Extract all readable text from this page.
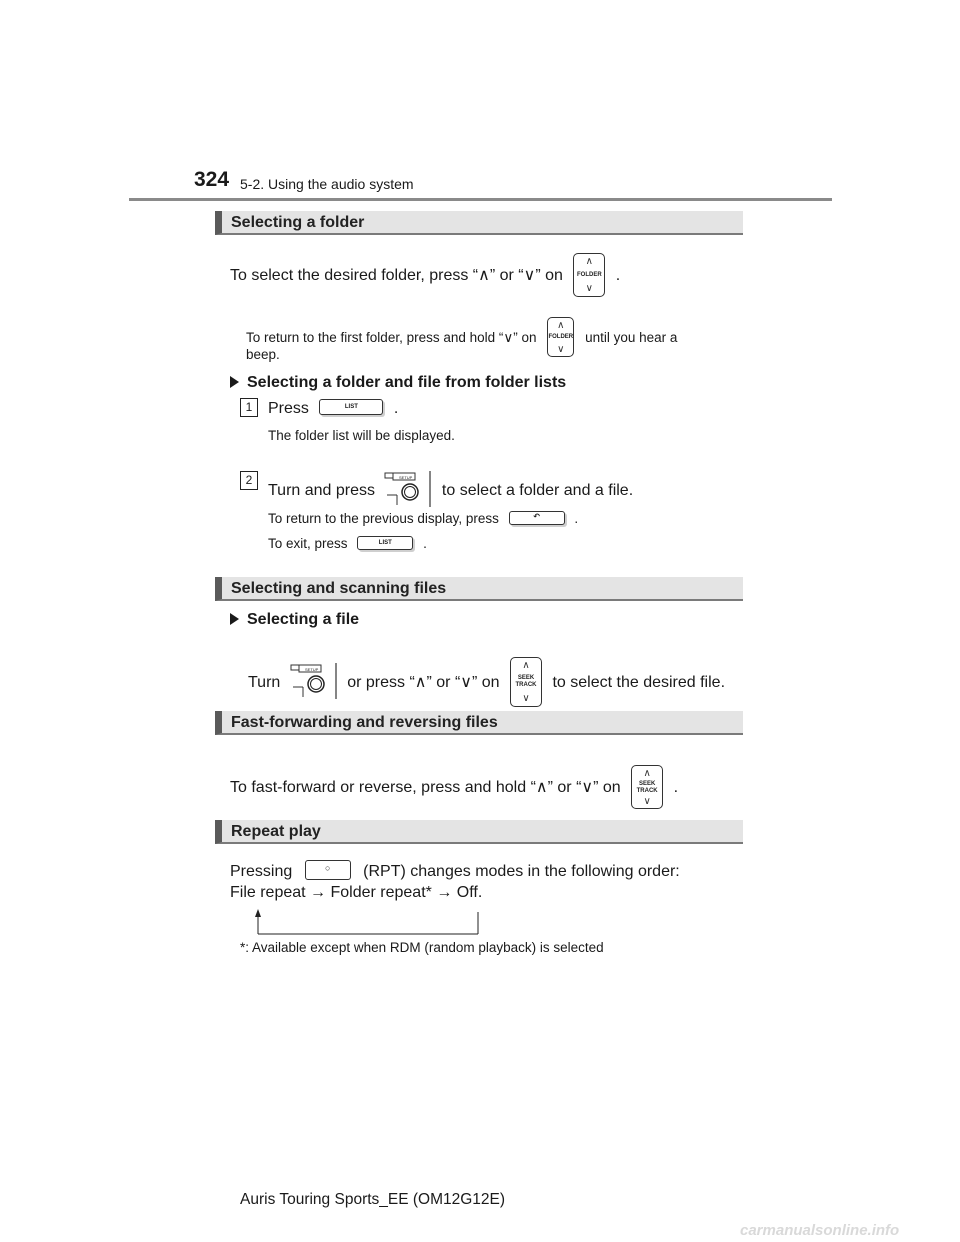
324 5-2. Using the audio system
Selecting a folder
To select the desired folder, press “∧” or “∨” on
∧
FOLDER
∨
.
To return to the first folder, press and hold “∨” on
∧
FOLDER
∨
until you hear a
beep.
Selecting a folder and file from folder lists
1 Press	LIST	.
The folder list will be displayed.
2
Turn and press
SETUP
to select a folder and a file.
To return to the previous display, press	↶	.
To exit, press	LIST	.
Selecting and scanning files
Selecting a file
Turn
SETUP
or press “∧” or “∨” on
∧
SEEK
TRACK
∨
to select the desired file.
Fast-forwarding and reversing files
To fast-forward or reverse, press and hold “∧” or “∨” on
∧
SEEK
TRACK
∨
.
Repeat play
Pressing	○	(RPT) changes modes in the following order:
File repeat → Folder repeat* → Off.
*: Available except when RDM (random playback) is selected
Auris Touring Sports_EE (OM12G12E)
carmanualsonline.info
